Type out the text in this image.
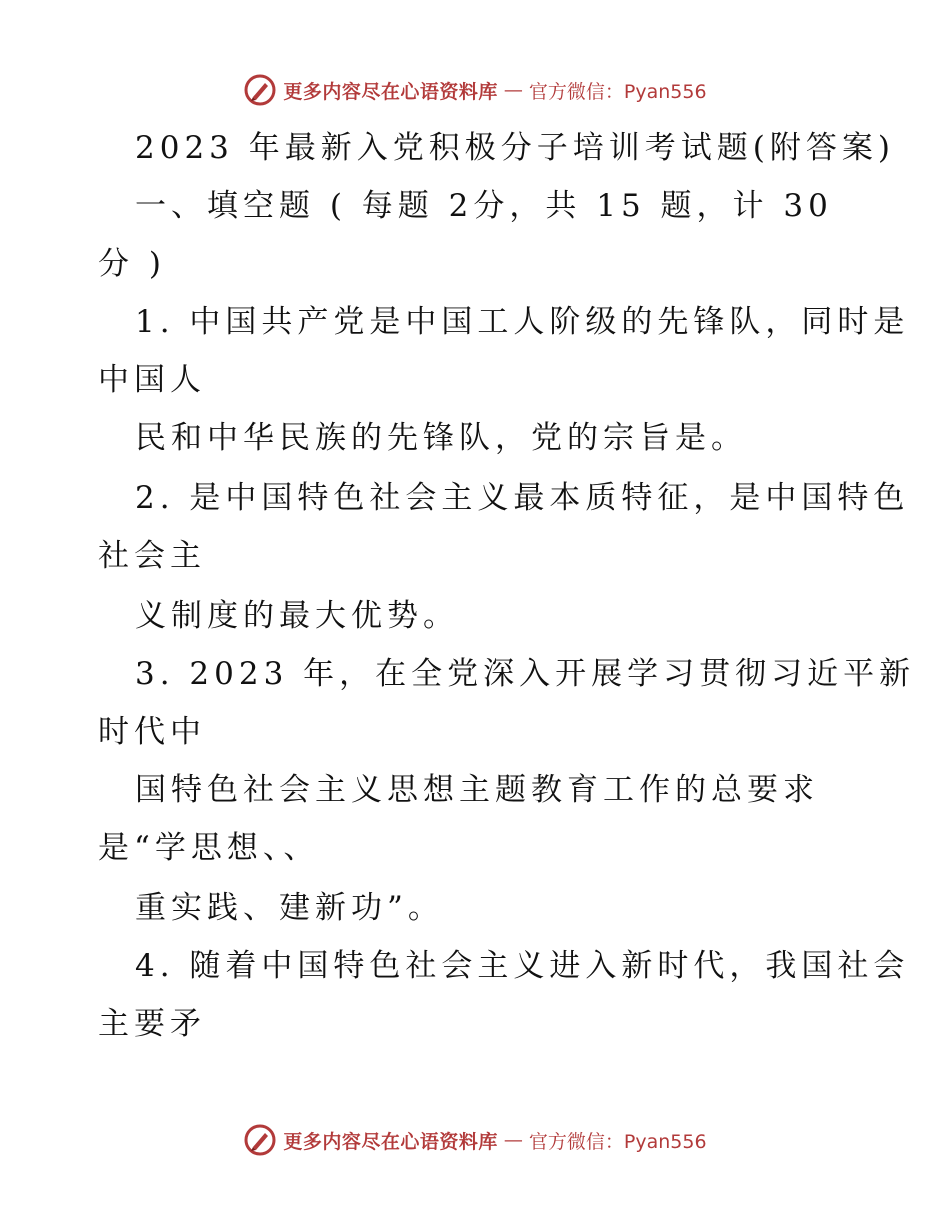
更多内容尽在心语资料库 — 官方微信：Pyan556
2023 年最新入党积极分子培训考试题(附答案)
一、填空题 ( 每题 2分，共 15 题，计 30
分 )
1. 中国共产党是中国工人阶级的先锋队，同时是
中国人
民和中华民族的先锋队，党的宗旨是。
2. 是中国特色社会主义最本质特征，是中国特色
社会主
义制度的最大优势。
3. 2023 年，在全党深入开展学习贯彻习近平新
时代中
国特色社会主义思想主题教育工作的总要求
是“学思想、、
重实践、建新功”。
4. 随着中国特色社会主义进入新时代，我国社会
主要矛
更多内容尽在心语资料库 — 官方微信：Pyan556
